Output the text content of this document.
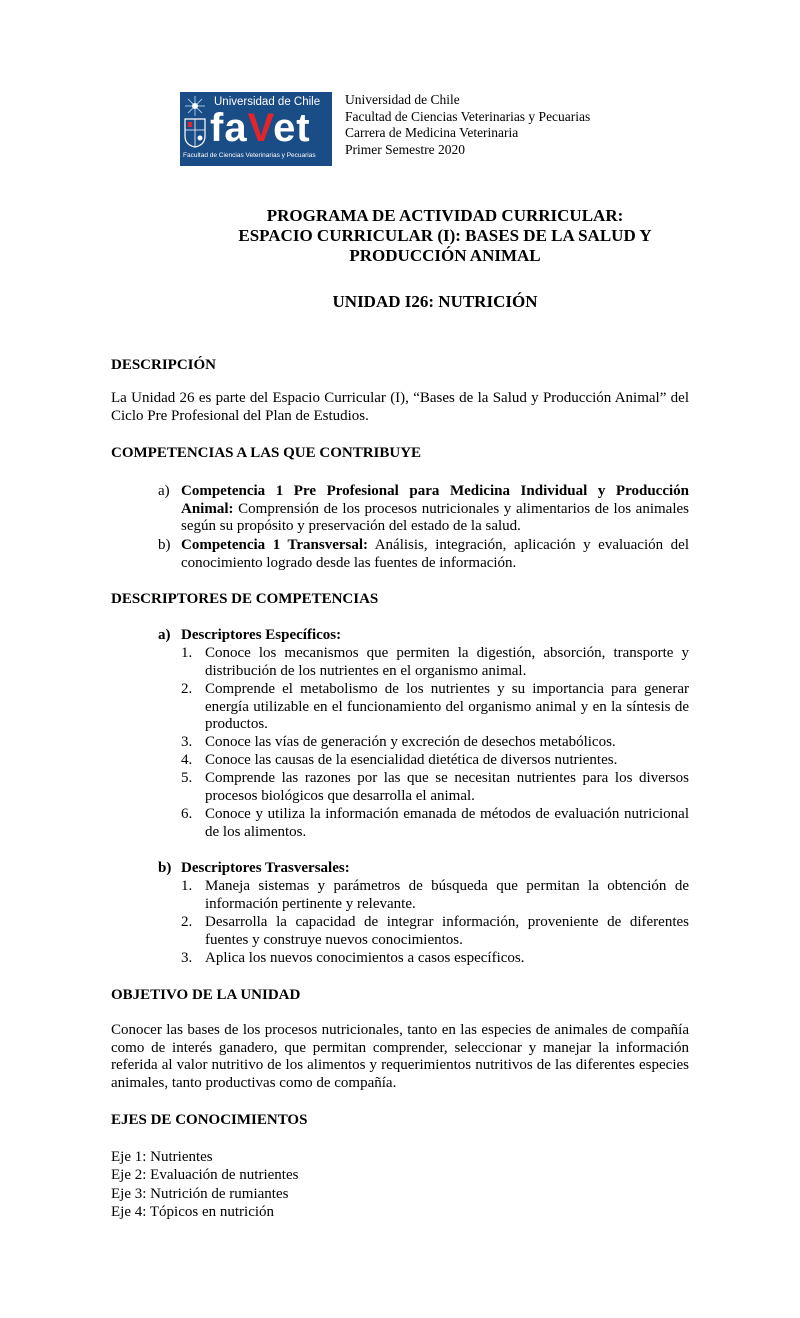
Universidad de Chile
faVet
Facultad de Ciencias Veterinarias y Pecuarias
Universidad de Chile
Facultad de Ciencias Veterinarias y Pecuarias
Carrera de Medicina Veterinaria
Primer Semestre 2020
PROGRAMA DE ACTIVIDAD CURRICULAR:
ESPACIO CURRICULAR (I): BASES DE LA SALUD Y
PRODUCCIÓN ANIMAL
UNIDAD I26: NUTRICIÓN
DESCRIPCIÓN
La Unidad 26 es parte del Espacio Curricular (I), “Bases de la Salud y Producción Animal” del Ciclo Pre Profesional del Plan de Estudios.
COMPETENCIAS A LAS QUE CONTRIBUYE
a) Competencia 1 Pre Profesional para Medicina Individual y Producción Animal: Comprensión de los procesos nutricionales y alimentarios de los animales según su propósito y preservación del estado de la salud.
b) Competencia 1 Transversal: Análisis, integración, aplicación y evaluación del conocimiento logrado desde las fuentes de información.
DESCRIPTORES DE COMPETENCIAS
a) Descriptores Específicos:
1. Conoce los mecanismos que permiten la digestión, absorción, transporte y distribución de los nutrientes en el organismo animal.
2. Comprende el metabolismo de los nutrientes y su importancia para generar energía utilizable en el funcionamiento del organismo animal y en la síntesis de productos.
3. Conoce las vías de generación y excreción de desechos metabólicos.
4. Conoce las causas de la esencialidad dietética de diversos nutrientes.
5. Comprende las razones por las que se necesitan nutrientes para los diversos procesos biológicos que desarrolla el animal.
6. Conoce y utiliza la información emanada de métodos de evaluación nutricional de los alimentos.
b) Descriptores Trasversales:
1. Maneja sistemas y parámetros de búsqueda que permitan la obtención de información pertinente y relevante.
2. Desarrolla la capacidad de integrar información, proveniente de diferentes fuentes y construye nuevos conocimientos.
3. Aplica los nuevos conocimientos a casos específicos.
OBJETIVO DE LA UNIDAD
Conocer las bases de los procesos nutricionales, tanto en las especies de animales de compañía como de interés ganadero, que permitan comprender, seleccionar y manejar la información referida al valor nutritivo de los alimentos y requerimientos nutritivos de las diferentes especies animales, tanto productivas como de compañía.
EJES DE CONOCIMIENTOS
Eje 1: Nutrientes
Eje 2: Evaluación de nutrientes
Eje 3: Nutrición de rumiantes
Eje 4: Tópicos en nutrición
